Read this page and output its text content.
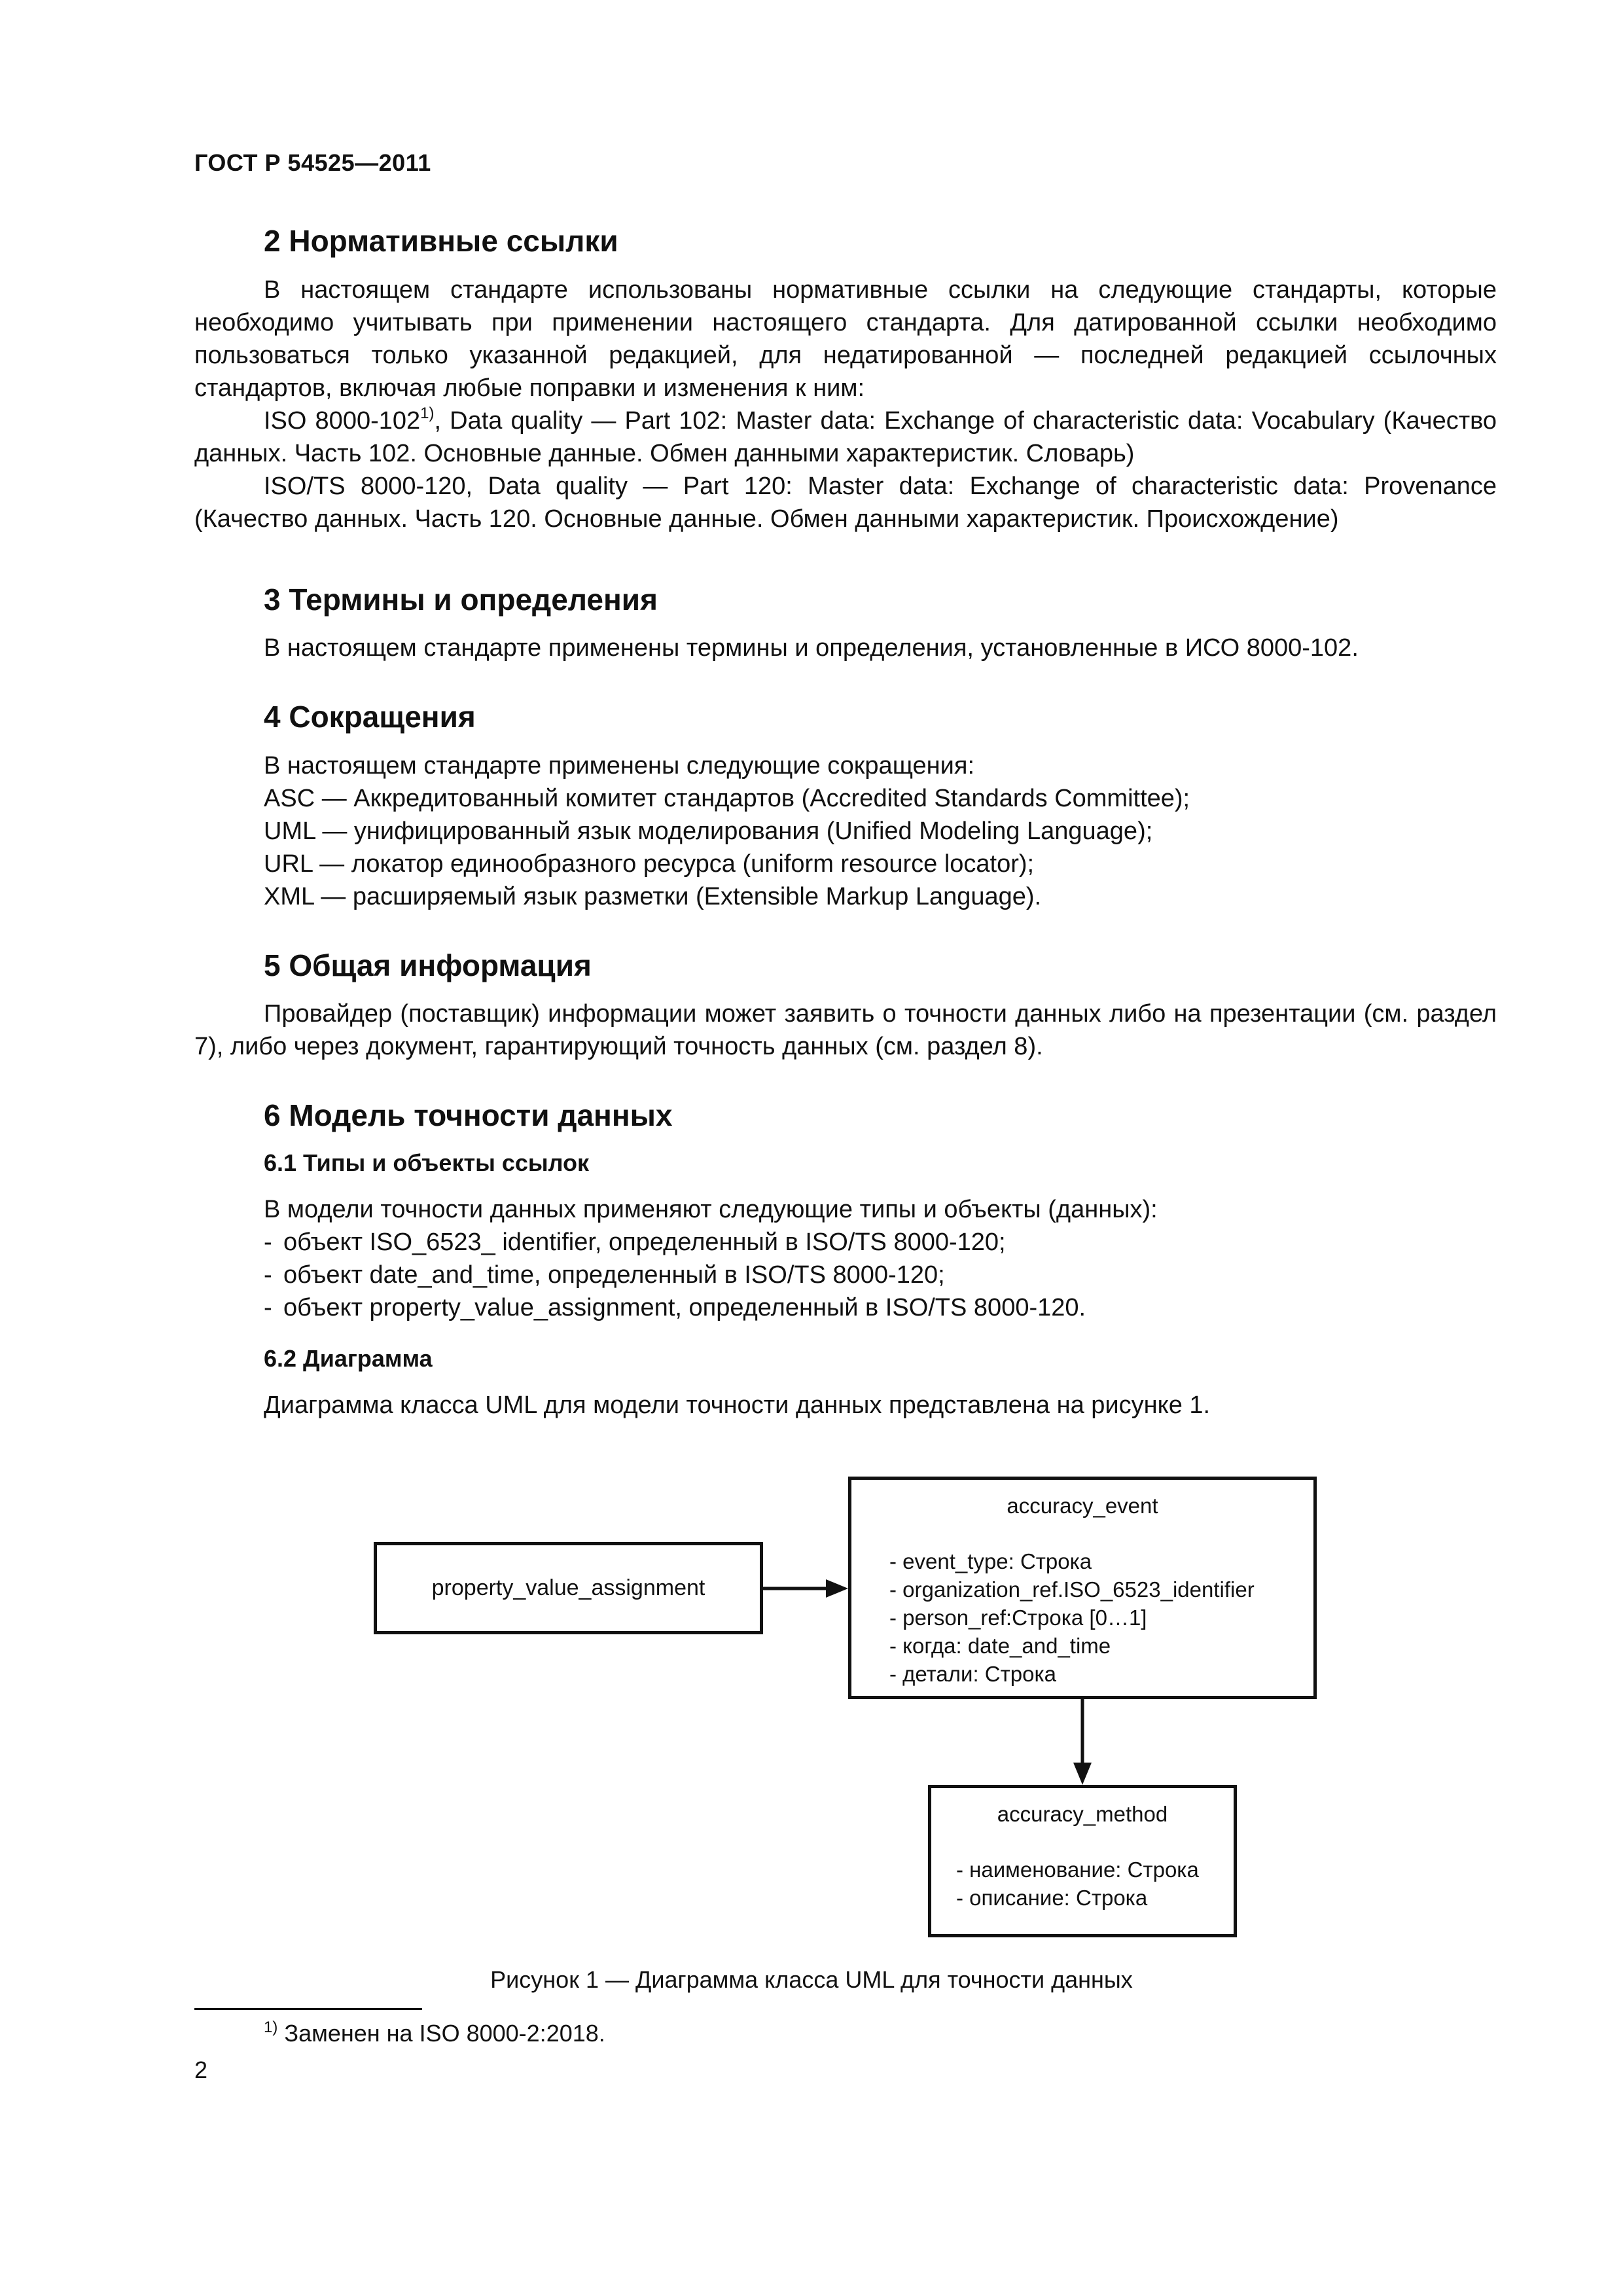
ГОСТ Р 54525—2011
2 Нормативные ссылки

В настоящем стандарте использованы нормативные ссылки на следующие стандарты, которые необходимо учитывать при применении настоящего стандарта. Для датированной ссылки необходимо пользоваться только указанной редакцией, для недатированной — последней редакцией ссылочных стандартов, включая любые поправки и изменения к ним:

ISO 8000-102$^{1)}$, Data quality — Part 102: Master data: Exchange of characteristic data: Vocabulary (Качество данных. Часть 102. Основные данные. Обмен данными характеристик. Словарь)

ISO/TS 8000-120, Data quality — Part 120: Master data: Exchange of characteristic data: Provenance (Качество данных. Часть 120. Основные данные. Обмен данными характеристик. Происхождение)

3 Термины и определения

В настоящем стандарте применены термины и определения, установленные в ИСО 8000-102.

4 Сокращения

В настоящем стандарте применены следующие сокращения:

ASC — Аккредитованный комитет стандартов (Accredited Standards Committee);

UML — унифицированный язык моделирования (Unified Modeling Language);

URL — локатор единообразного ресурса (uniform resource locator);

XML — расширяемый язык разметки (Extensible Markup Language).

5 Общая информация

Провайдер (поставщик) информации может заявить о точности данных либо на презентации (см. раздел 7), либо через документ, гарантирующий точность данных (см. раздел 8).

6 Модель точности данных
6.1 Типы и объекты ссылок

В модели точности данных применяют следующие типы и объекты (данных):

- объект ISO_6523_ identifier, определенный в ISO/TS 8000-120;
- объект date_and_time, определенный в ISO/TS 8000-120;
- объект property_value_assignment, определенный в ISO/TS 8000-120.
6.2 Диаграмма

Диаграмма класса UML для модели точности данных представлена на рисунке 1.

property_value_assignment
accuracy_event
- event_type: Строка
- organization_ref.ISO_6523_identifier
- person_ref:Строка [0…1]
- когда: date_and_time
- детали: Строка
accuracy_method
- наименование: Строка
- описание: Строка
Рисунок 1 — Диаграмма класса UML для точности данных
$^{1)}$ Заменен на ISO 8000-2:2018.
2
